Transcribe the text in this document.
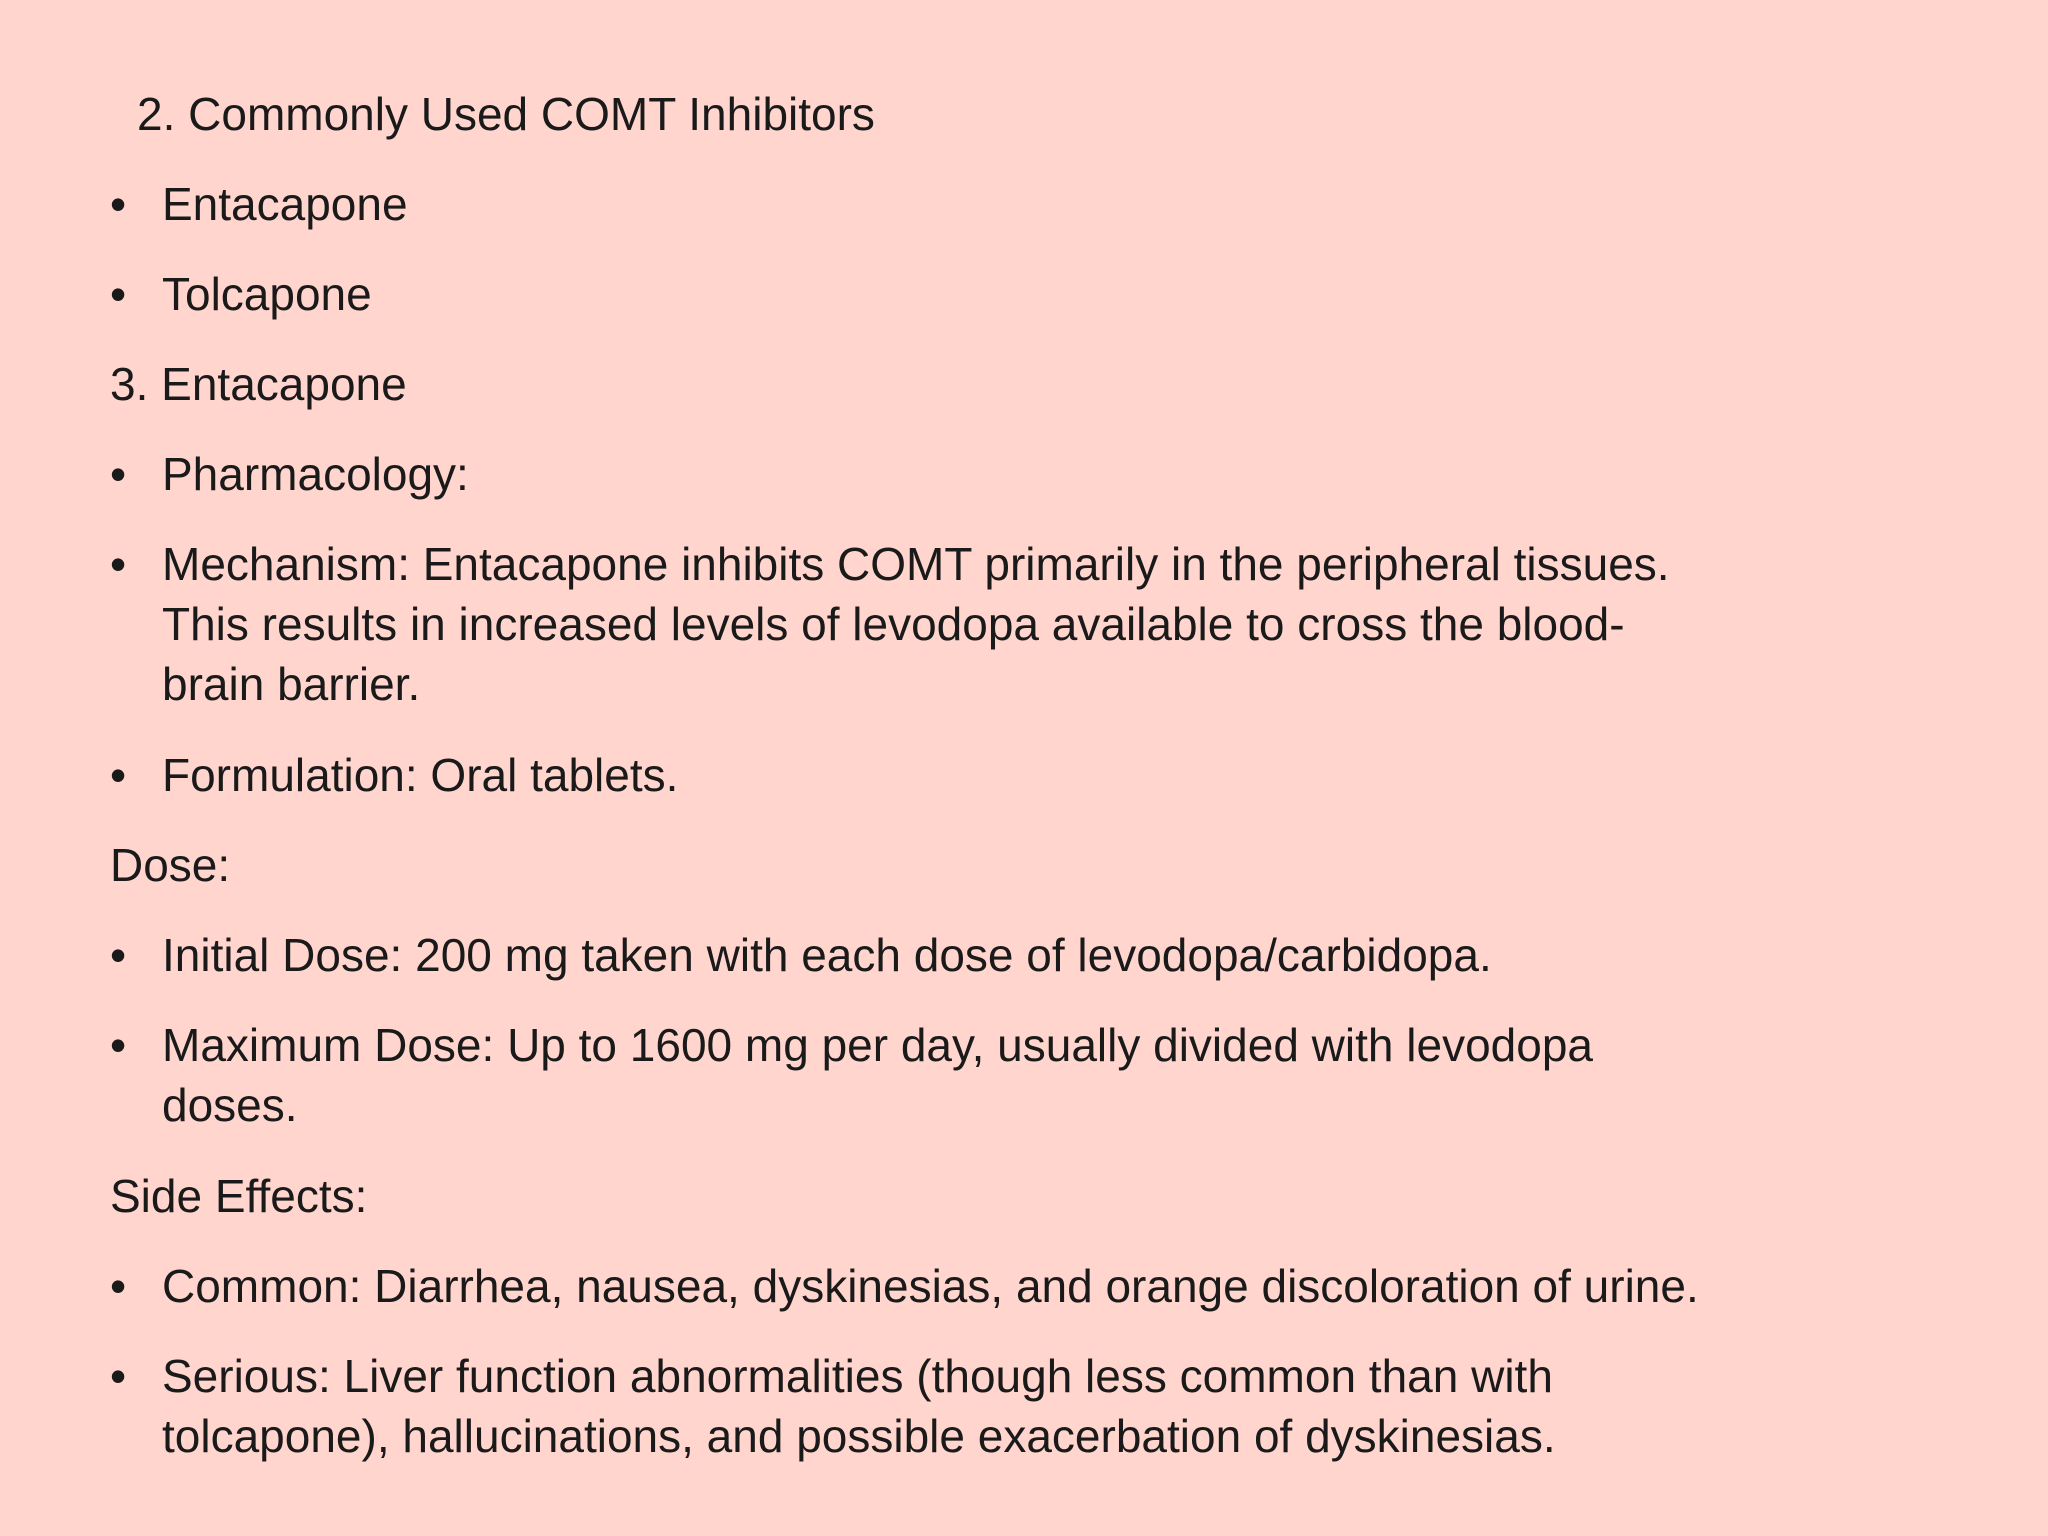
2. Commonly Used COMT Inhibitors
• Entacapone
• Tolcapone
3. Entacapone
• Pharmacology:
• Mechanism: Entacapone inhibits COMT primarily in the peripheral tissues.
This results in increased levels of levodopa available to cross the blood-
brain barrier.
• Formulation: Oral tablets.
Dose:
• Initial Dose: 200 mg taken with each dose of levodopa/carbidopa.
• Maximum Dose: Up to 1600 mg per day, usually divided with levodopa
doses.
Side Effects:
• Common: Diarrhea, nausea, dyskinesias, and orange discoloration of urine.
• Serious: Liver function abnormalities (though less common than with
tolcapone), hallucinations, and possible exacerbation of dyskinesias.
